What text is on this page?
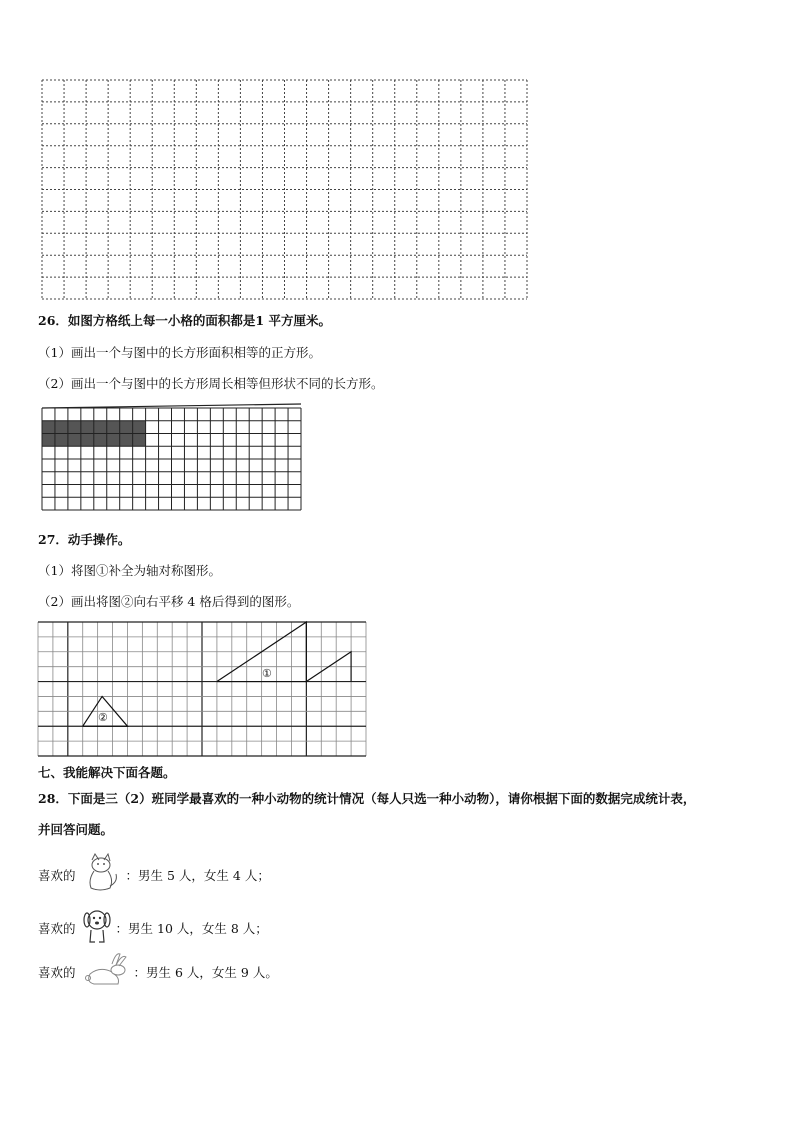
26．如图方格纸上每一小格的面积都是1 平方厘米。
（1）画出一个与图中的长方形面积相等的正方形。
（2）画出一个与图中的长方形周长相等但形状不同的长方形。
27．动手操作。
（1）将图①补全为轴对称图形。
（2）画出将图②向右平移 4 格后得到的图形。
①
②
七、我能解决下面各题。
28．下面是三（2）班同学最喜欢的一种小动物的统计情况（每人只选一种小动物），请你根据下面的数据完成统计表，
并回答问题。
喜欢的	：男生 5 人，女生 4 人；
喜欢的	：男生 10 人，女生 8 人；
喜欢的	：男生 6 人，女生 9 人。
